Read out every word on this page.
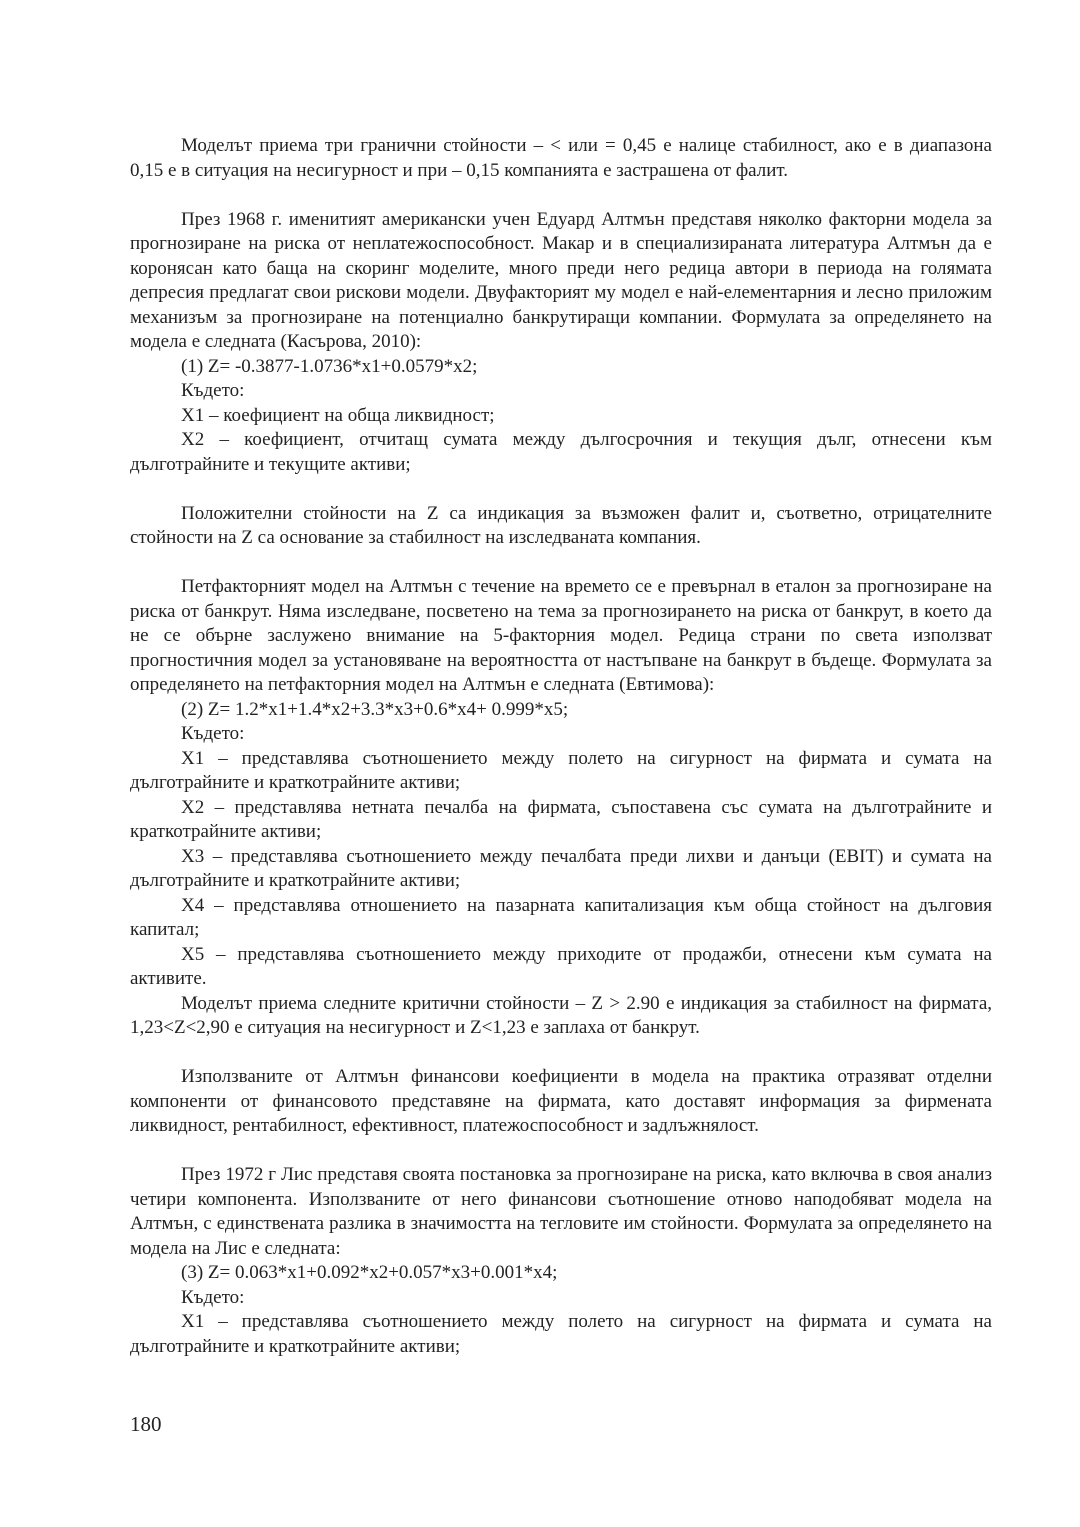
Моделът приема три гранични стойности – < или = 0,45 е налице стабилност, ако е в диапазона 0,15 е в ситуация на несигурност и при – 0,15 компанията е застрашена от фалит.

През 1968 г. именитият американски учен Едуард Алтмън представя няколко факторни модела за прогнозиране на риска от неплатежоспособност. Макар и в специализираната литература Алтмън да е коронясан като баща на скоринг моделите, много преди него редица автори в периода на голямата депресия предлагат свои рискови модели. Двуфакторият му модел е най-елементарния и лесно приложим механизъм за прогнозиране на потенциално банкрутиращи компании. Формулата за определянето на модела е следната (Касърова, 2010):

(1) Z= -0.3877-1.0736*x1+0.0579*x2;

Където:

X1 – коефициент на обща ликвидност;

X2 – коефициент, отчитащ сумата между дългосрочния и текущия дълг, отнесени към дълготрайните и текущите активи;

Положителни стойности на Z са индикация за възможен фалит и, съответно, отрицателните стойности на Z са основание за стабилност на изследваната компания.

Петфакторният модел на Алтмън с течение на времето се е превърнал в еталон за прогнозиране на риска от банкрут. Няма изследване, посветено на тема за прогнозирането на риска от банкрут, в което да не се обърне заслужено внимание на 5-факторния модел. Редица страни по света използват прогностичния модел за установяване на вероятността от настъпване на банкрут в бъдеще. Формулата за определянето на петфакторния модел на Алтмън е следната (Евтимова):

(2) Z= 1.2*x1+1.4*x2+3.3*x3+0.6*x4+ 0.999*x5;

Където:

X1 – представлява съотношението между полето на сигурност на фирмата и сумата на дълготрайните и краткотрайните активи;

X2 – представлява нетната печалба на фирмата, съпоставена със сумата на дълготрайните и краткотрайните активи;

X3 – представлява съотношението между печалбата преди лихви и данъци (EBIT) и сумата на дълготрайните и краткотрайните активи;

X4 – представлява отношението на пазарната капитализация към обща стойност на дълговия капитал;

X5 – представлява съотношението между приходите от продажби, отнесени към сумата на активите.

Моделът приема следните критични стойности – Z > 2.90 е индикация за стабилност на фирмата, 1,23<Z<2,90 е ситуация на несигурност и Z<1,23 е заплаха от банкрут.

Използваните от Алтмън финансови коефициенти в модела на практика отразяват отделни компоненти от финансовото представяне на фирмата, като доставят информация за фирмената ликвидност, рентабилност, ефективност, платежоспособност и задлъжнялост.

През 1972 г Лис представя своята постановка за прогнозиране на риска, като включва в своя анализ четири компонента. Използваните от него финансови съотношение отново наподобяват модела на Алтмън, с единствената разлика в значимостта на тегловите им стойности. Формулата за определянето на модела на Лис е следната:

(3) Z= 0.063*x1+0.092*x2+0.057*x3+0.001*x4;

Където:

X1 – представлява съотношението между полето на сигурност на фирмата и сумата на дълготрайните и краткотрайните активи;

180
